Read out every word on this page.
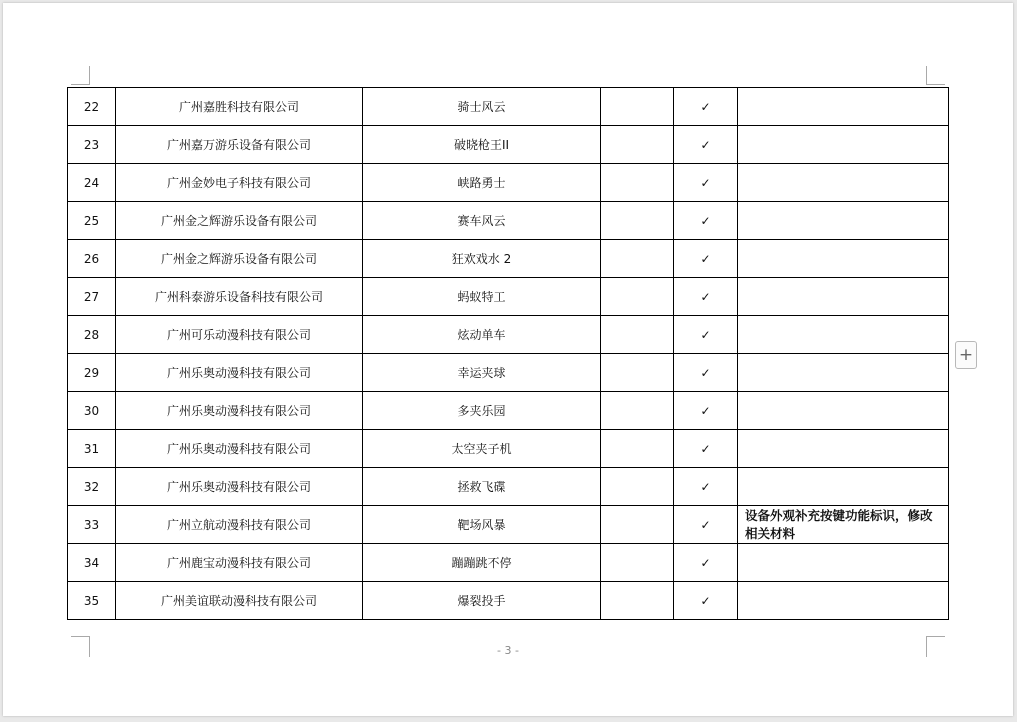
22	广州嘉胜科技有限公司	骑士风云		✓	
23	广州嘉万游乐设备有限公司	破晓枪王II		✓	
24	广州金妙电子科技有限公司	峡路勇士		✓	
25	广州金之辉游乐设备有限公司	赛车风云		✓	
26	广州金之辉游乐设备有限公司	狂欢戏水 2		✓	
27	广州科泰游乐设备科技有限公司	蚂蚁特工		✓	
28	广州可乐动漫科技有限公司	炫动单车		✓	
29	广州乐奥动漫科技有限公司	幸运夹球		✓	
30	广州乐奥动漫科技有限公司	多夹乐园		✓	
31	广州乐奥动漫科技有限公司	太空夹子机		✓	
32	广州乐奥动漫科技有限公司	拯救飞碟		✓	
33	广州立航动漫科技有限公司	靶场风暴		✓	设备外观补充按键功能标识，修改相关材料
34	广州鹿宝动漫科技有限公司	蹦蹦跳不停		✓	
35	广州美谊联动漫科技有限公司	爆裂投手		✓	
+
- 3 -
